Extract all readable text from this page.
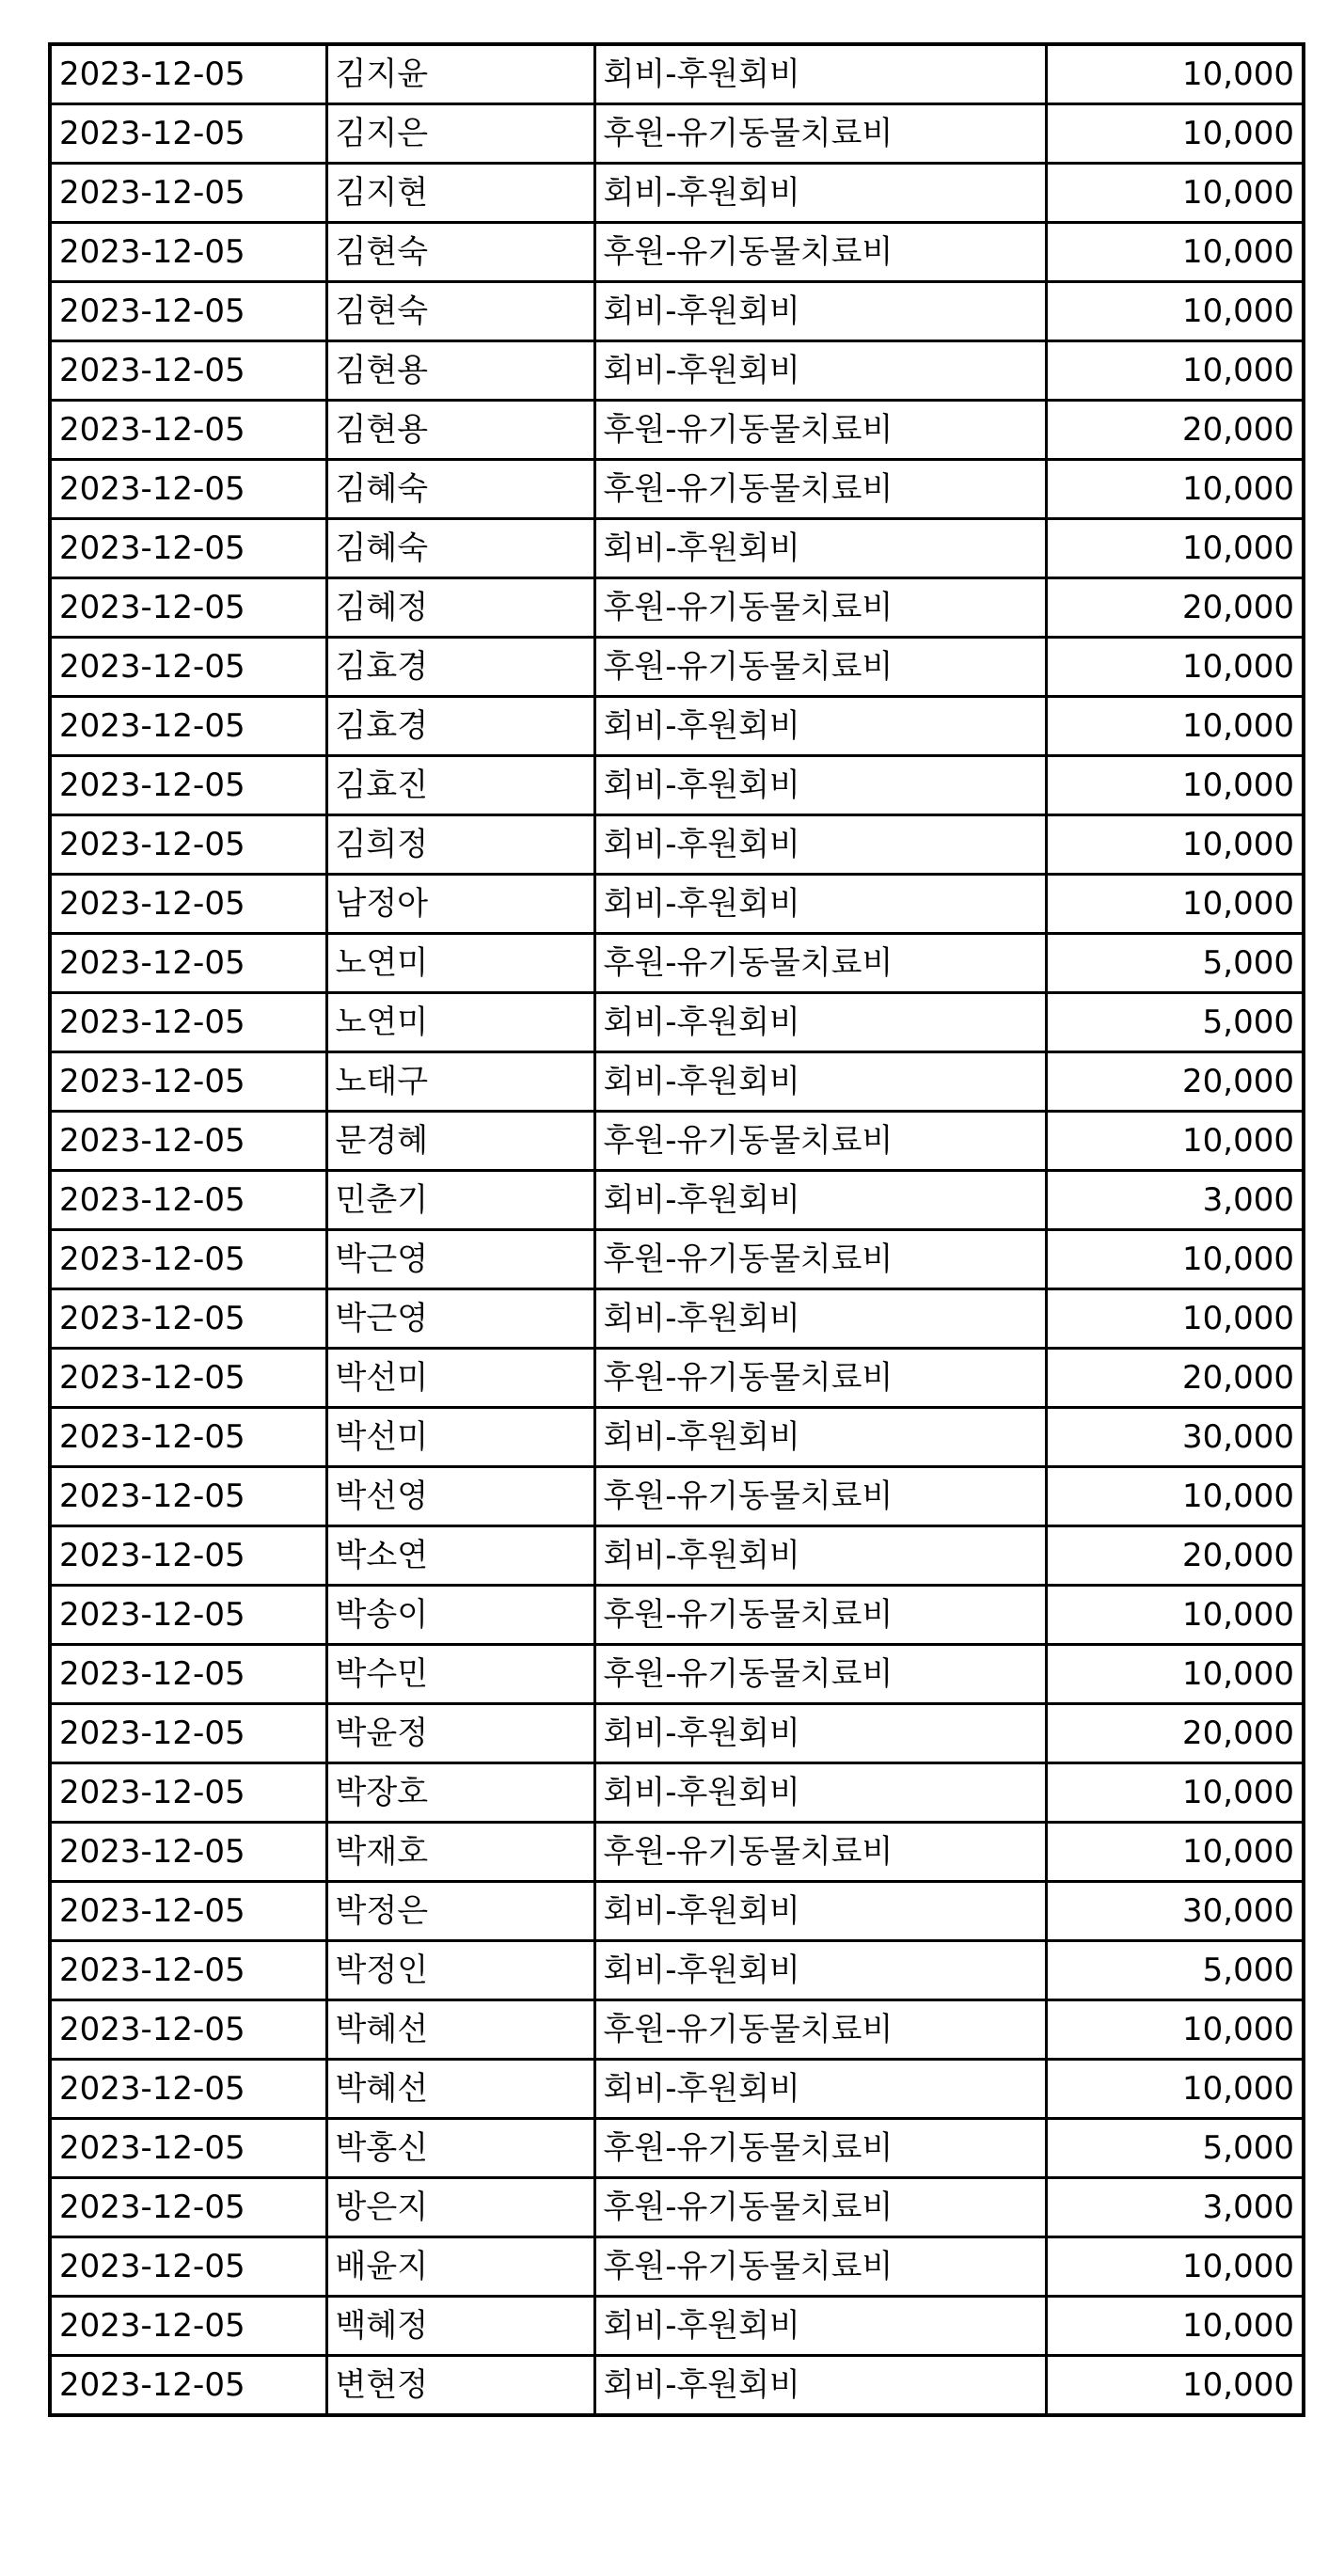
2023-12-05	김지윤	회비-후원회비	10,000
2023-12-05	김지은	후원-유기동물치료비	10,000
2023-12-05	김지현	회비-후원회비	10,000
2023-12-05	김현숙	후원-유기동물치료비	10,000
2023-12-05	김현숙	회비-후원회비	10,000
2023-12-05	김현용	회비-후원회비	10,000
2023-12-05	김현용	후원-유기동물치료비	20,000
2023-12-05	김혜숙	후원-유기동물치료비	10,000
2023-12-05	김혜숙	회비-후원회비	10,000
2023-12-05	김혜정	후원-유기동물치료비	20,000
2023-12-05	김효경	후원-유기동물치료비	10,000
2023-12-05	김효경	회비-후원회비	10,000
2023-12-05	김효진	회비-후원회비	10,000
2023-12-05	김희정	회비-후원회비	10,000
2023-12-05	남정아	회비-후원회비	10,000
2023-12-05	노연미	후원-유기동물치료비	5,000
2023-12-05	노연미	회비-후원회비	5,000
2023-12-05	노태구	회비-후원회비	20,000
2023-12-05	문경혜	후원-유기동물치료비	10,000
2023-12-05	민춘기	회비-후원회비	3,000
2023-12-05	박근영	후원-유기동물치료비	10,000
2023-12-05	박근영	회비-후원회비	10,000
2023-12-05	박선미	후원-유기동물치료비	20,000
2023-12-05	박선미	회비-후원회비	30,000
2023-12-05	박선영	후원-유기동물치료비	10,000
2023-12-05	박소연	회비-후원회비	20,000
2023-12-05	박송이	후원-유기동물치료비	10,000
2023-12-05	박수민	후원-유기동물치료비	10,000
2023-12-05	박윤정	회비-후원회비	20,000
2023-12-05	박장호	회비-후원회비	10,000
2023-12-05	박재호	후원-유기동물치료비	10,000
2023-12-05	박정은	회비-후원회비	30,000
2023-12-05	박정인	회비-후원회비	5,000
2023-12-05	박혜선	후원-유기동물치료비	10,000
2023-12-05	박혜선	회비-후원회비	10,000
2023-12-05	박홍신	후원-유기동물치료비	5,000
2023-12-05	방은지	후원-유기동물치료비	3,000
2023-12-05	배윤지	후원-유기동물치료비	10,000
2023-12-05	백혜정	회비-후원회비	10,000
2023-12-05	변현정	회비-후원회비	10,000
